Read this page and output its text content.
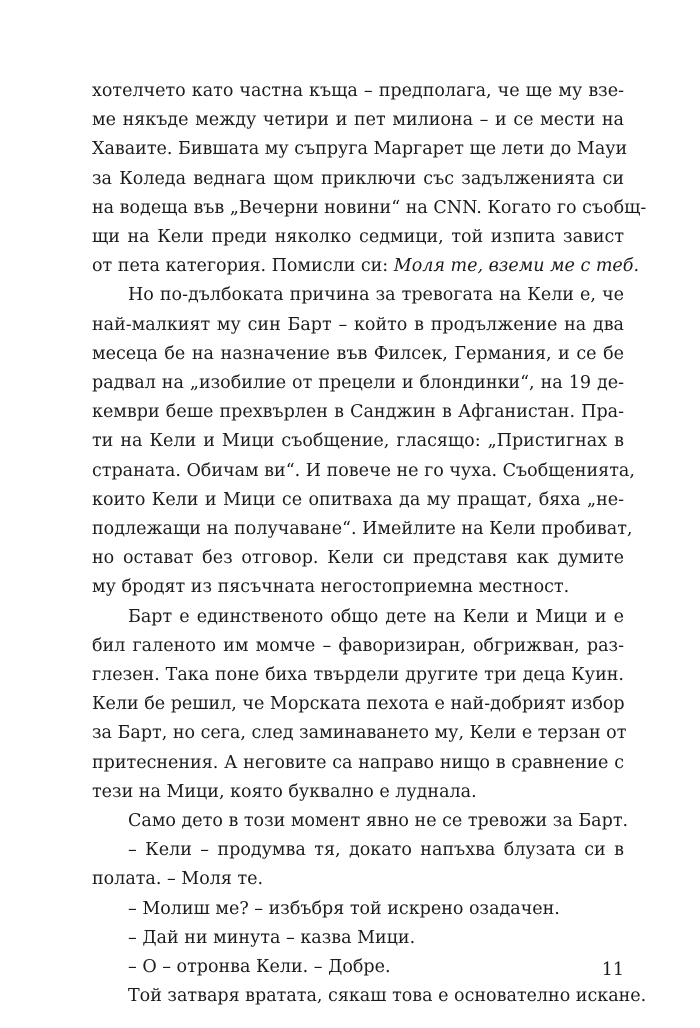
хотелчето като частна къща – предполага, че ще му взе-
ме някъде между четири и пет милиона – и се мести на
Хаваите. Бившата му съпруга Маргарет ще лети до Мауи
за Коледа веднага щом приключи със задълженията си
на водеща във „Вечерни новини“ на CNN. Когато го съобщ-
щи на Кели преди няколко седмици, той изпита завист
от пета категория. Помисли си: Моля те, вземи ме с теб.
Но по-дълбоката причина за тревогата на Кели е, че
най-малкият му син Барт – който в продължение на два
месеца бе на назначение във Филсек, Германия, и се бе
радвал на „изобилие от прецели и блондинки“, на 19 де-
кември беше прехвърлен в Санджин в Афганистан. Пра-
ти на Кели и Мици съобщение, гласящо: „Пристигнах в
страната. Обичам ви“. И повече не го чуха. Съобщенията,
които Кели и Мици се опитваха да му пращат, бяха „не-
подлежащи на получаване“. Имейлите на Кели пробиват,
но остават без отговор. Кели си представя как думите
му бродят из пясъчната негостоприемна местност.
Барт е единственото общо дете на Кели и Мици и е
бил галеното им момче – фаворизиран, обгрижван, раз-
глезен. Така поне биха твърдели другите три деца Куин.
Кели бе решил, че Морската пехота е най-добрият избор
за Барт, но сега, след заминаването му, Кели е терзан от
притеснения. А неговите са направо нищо в сравнение с
тези на Мици, която буквално е луднала.
Само дето в този момент явно не се тревожи за Барт.
– Кели – продумва тя, докато напъхва блузата си в
полата. – Моля те.
– Молиш ме? – избъбря той искрено озадачен.
– Дай ни минута – казва Мици.
– О – отронва Кели. – Добре.
Той затваря вратата, сякаш това е основателно искане.
11
